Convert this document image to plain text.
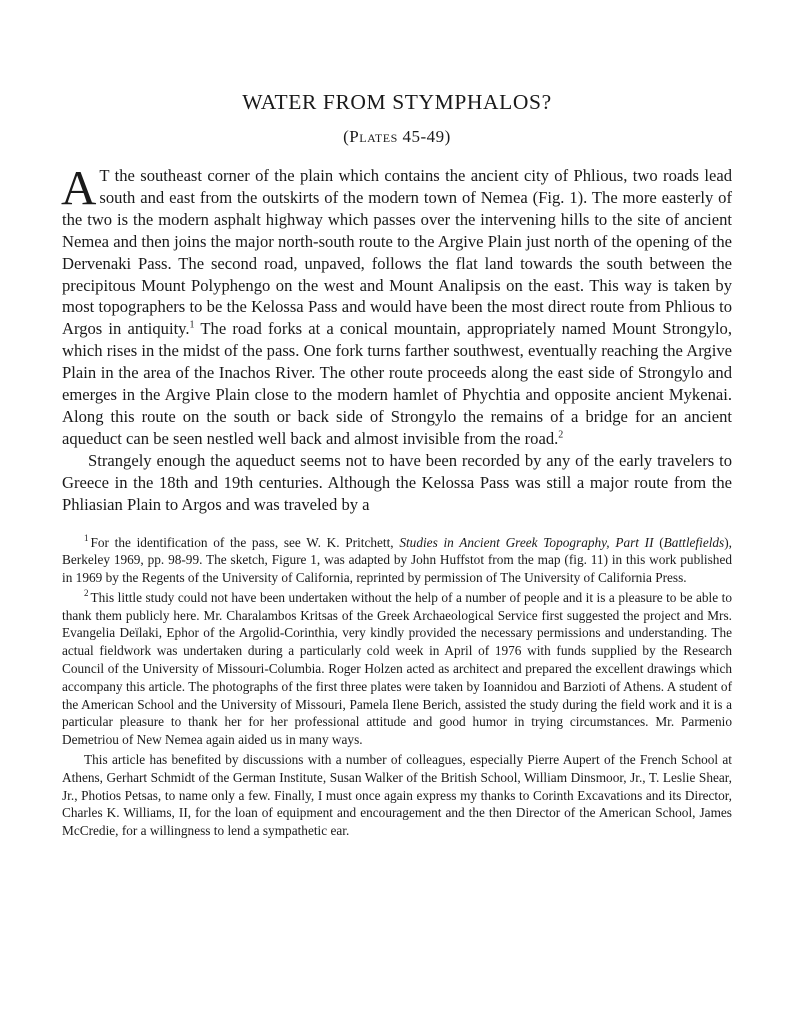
WATER FROM STYMPHALOS?
(Plates 45-49)

A T the southeast corner of the plain which contains the ancient city of Phlious, two roads lead south and east from the outskirts of the modern town of Nemea (Fig. 1). The more easterly of the two is the modern asphalt highway which passes over the intervening hills to the site of ancient Nemea and then joins the major north-south route to the Argive Plain just north of the opening of the Dervenaki Pass. The second road, unpaved, follows the flat land towards the south between the precipitous Mount Polyphengo on the west and Mount Analipsis on the east. This way is taken by most topographers to be the Kelossa Pass and would have been the most direct route from Phlious to Argos in antiquity.$^1$ The road forks at a conical mountain, appropriately named Mount Strongylo, which rises in the midst of the pass. One fork turns farther southwest, eventually reaching the Argive Plain in the area of the Inachos River. The other route proceeds along the east side of Strongylo and emerges in the Argive Plain close to the modern hamlet of Phychtia and opposite ancient Mykenai. Along this route on the south or back side of Strongylo the remains of a bridge for an ancient aqueduct can be seen nestled well back and almost invisible from the road.$^2$

Strangely enough the aqueduct seems not to have been recorded by any of the early travelers to Greece in the 18th and 19th centuries. Although the Kelossa Pass was still a major route from the Phliasian Plain to Argos and was traveled by a

$^1$ For the identification of the pass, see W. K. Pritchett, Studies in Ancient Greek Topography, Part II (Battlefields), Berkeley 1969, pp. 98-99. The sketch, Figure 1, was adapted by John Huffstot from the map (fig. 11) in this work published in 1969 by the Regents of the University of California, reprinted by permission of The University of California Press.

$^2$ This little study could not have been undertaken without the help of a number of people and it is a pleasure to be able to thank them publicly here. Mr. Charalambos Kritsas of the Greek Archaeological Service first suggested the project and Mrs. Evangelia Deïlaki, Ephor of the Argolid-Corinthia, very kindly provided the necessary permissions and understanding. The actual fieldwork was undertaken during a particularly cold week in April of 1976 with funds supplied by the Research Council of the University of Missouri-Columbia. Roger Holzen acted as architect and prepared the excellent drawings which accompany this article. The photographs of the first three plates were taken by Ioannidou and Barzioti of Athens. A student of the American School and the University of Missouri, Pamela Ilene Berich, assisted the study during the field work and it is a particular pleasure to thank her for her professional attitude and good humor in trying circumstances. Mr. Parmenio Demetriou of New Nemea again aided us in many ways.

This article has benefited by discussions with a number of colleagues, especially Pierre Aupert of the French School at Athens, Gerhart Schmidt of the German Institute, Susan Walker of the British School, William Dinsmoor, Jr., T. Leslie Shear, Jr., Photios Petsas, to name only a few. Finally, I must once again express my thanks to Corinth Excavations and its Director, Charles K. Williams, II, for the loan of equipment and encouragement and the then Director of the American School, James McCredie, for a willingness to lend a sympathetic ear.
